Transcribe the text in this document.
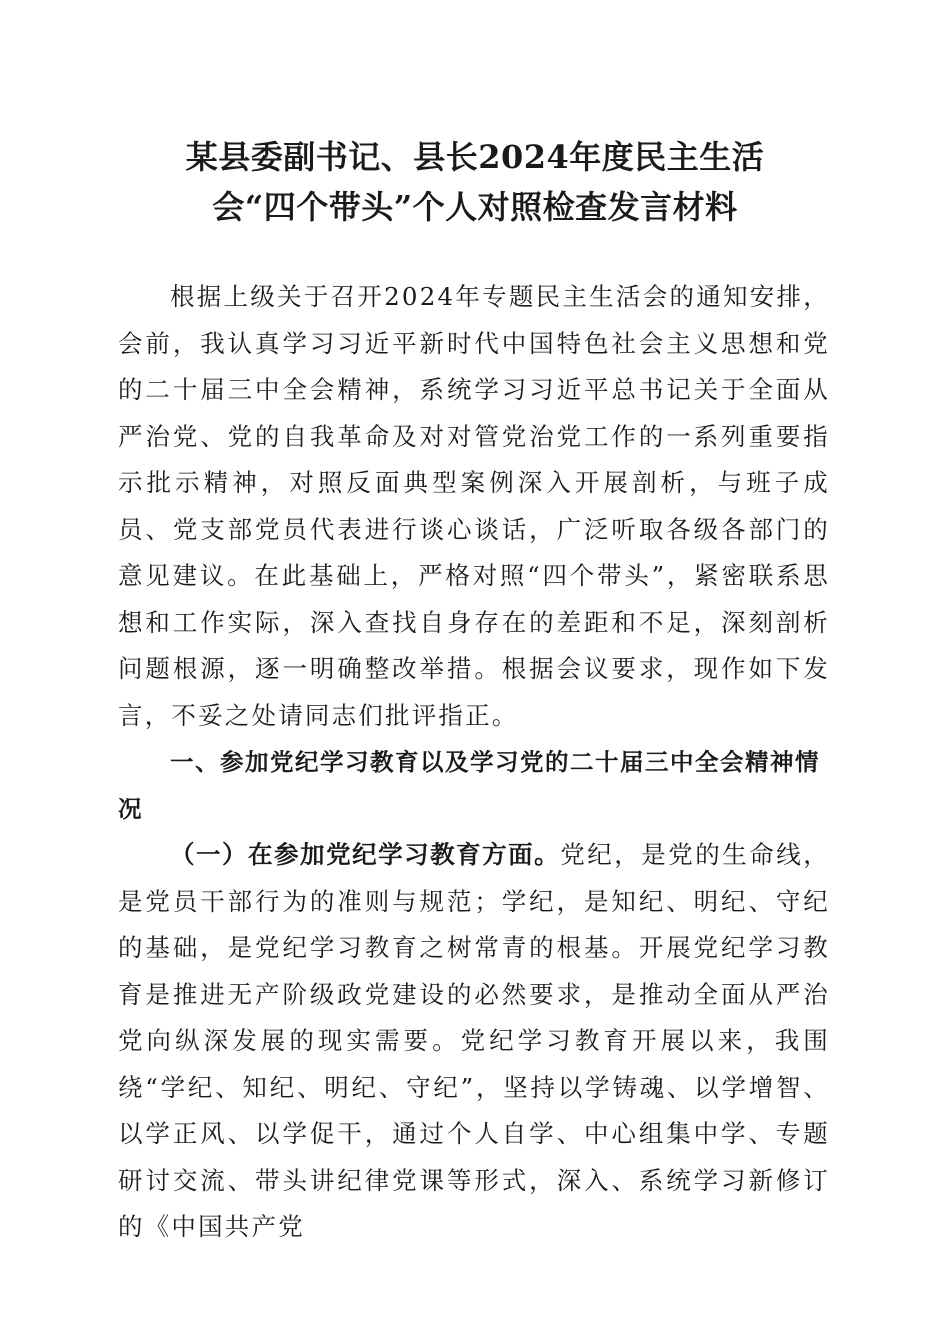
某县委副书记、县长2024年度民主生活
会“四个带头”个人对照检查发言材料

根据上级关于召开2024年专题民主生活会的通知安排，会前，我认真学习习近平新时代中国特色社会主义思想和党的二十届三中全会精神，系统学习习近平总书记关于全面从严治党、党的自我革命及对对管党治党工作的一系列重要指示批示精神，对照反面典型案例深入开展剖析，与班子成员、党支部党员代表进行谈心谈话，广泛听取各级各部门的意见建议。在此基础上，严格对照“四个带头”，紧密联系思想和工作实际，深入查找自身存在的差距和不足，深刻剖析问题根源，逐一明确整改举措。根据会议要求，现作如下发言，不妥之处请同志们批评指正。

一、参加党纪学习教育以及学习党的二十届三中全会精神情况

（一）在参加党纪学习教育方面。党纪，是党的生命线，是党员干部行为的准则与规范；学纪，是知纪、明纪、守纪的基础，是党纪学习教育之树常青的根基。开展党纪学习教育是推进无产阶级政党建设的必然要求，是推动全面从严治党向纵深发展的现实需要。党纪学习教育开展以来，我围绕“学纪、知纪、明纪、守纪”，坚持以学铸魂、以学增智、以学正风、以学促干，通过个人自学、中心组集中学、专题研讨交流、带头讲纪律党课等形式，深入、系统学习新修订的《中国共产党
